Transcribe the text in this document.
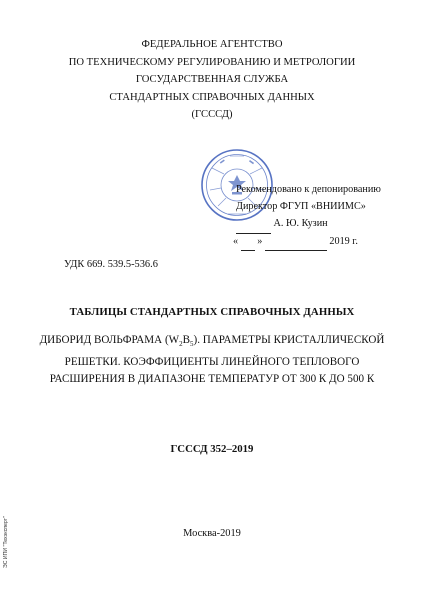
ФЕДЕРАЛЬНОЕ АГЕНТСТВО
ПО ТЕХНИЧЕСКОМУ РЕГУЛИРОВАНИЮ И МЕТРОЛОГИИ
ГОСУДАРСТВЕННАЯ СЛУЖБА
СТАНДАРТНЫХ СПРАВОЧНЫХ ДАННЫХ
(ГСССД)
Рекомендовано к депонированию
Директор ФГУП «ВНИИМС»
А. Ю. Кузин
« »	2019 г.
УДК 669. 539.5-536.6
ТАБЛИЦЫ СТАНДАРТНЫХ СПРАВОЧНЫХ ДАННЫХ
ДИБОРИД ВОЛЬФРАМА $(W_2B_5)$. ПАРАМЕТРЫ КРИСТАЛЛИЧЕСКОЙ
РЕШЕТКИ. КОЭФФИЦИЕНТЫ ЛИНЕЙНОГО ТЕПЛОВОГО
РАСШИРЕНИЯ В ДИАПАЗОНЕ ТЕМПЕРАТУР ОТ 300 К ДО 500 К
ГСССД 352–2019
Москва-2019
ЭС ИПИ "Техэксперт"
